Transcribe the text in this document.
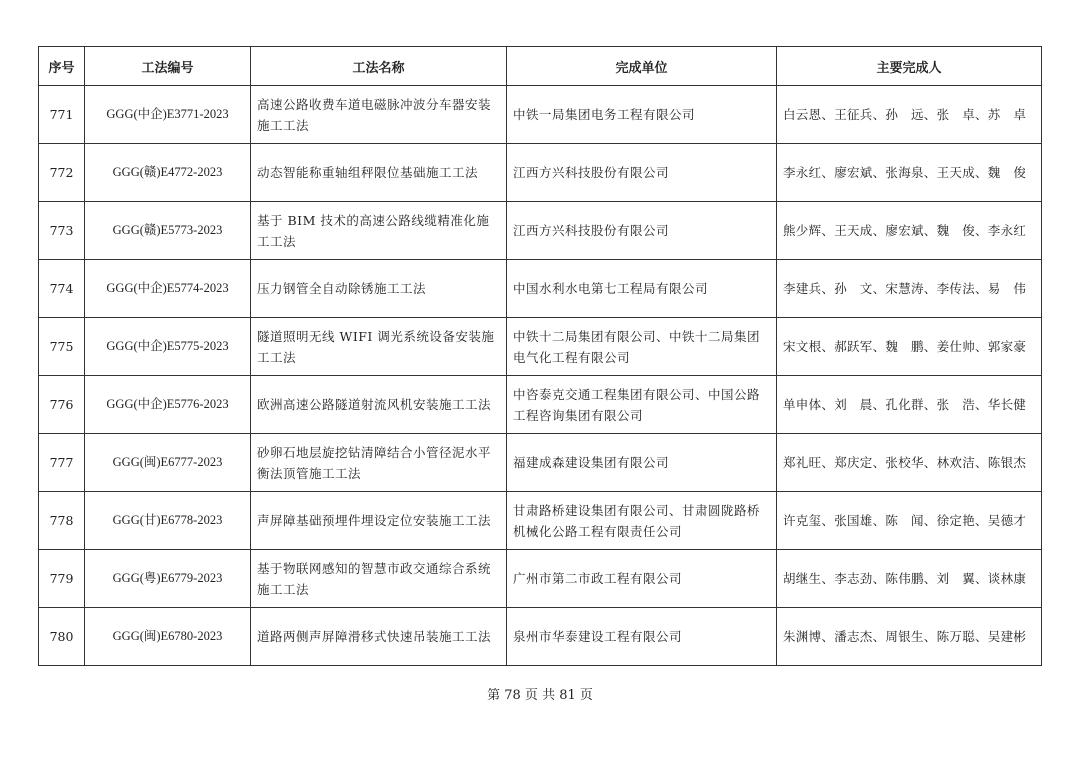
序号	工法编号	工法名称	完成单位	主要完成人
771	GGG(中企)E3771-2023	高速公路收费车道电磁脉冲波分车器安装施工工法	中铁一局集团电务工程有限公司	白云恩、王征兵、孙　远、张　卓、苏　卓
772	GGG(赣)E4772-2023	动态智能称重轴组秤限位基础施工工法	江西方兴科技股份有限公司	李永红、廖宏斌、张海泉、王天成、魏　俊
773	GGG(赣)E5773-2023	基于 BIM 技术的高速公路线缆精准化施工工法	江西方兴科技股份有限公司	熊少辉、王天成、廖宏斌、魏　俊、李永红
774	GGG(中企)E5774-2023	压力钢管全自动除锈施工工法	中国水利水电第七工程局有限公司	李建兵、孙　文、宋慧涛、李传法、易　伟
775	GGG(中企)E5775-2023	隧道照明无线 WIFI 调光系统设备安装施工工法	中铁十二局集团有限公司、中铁十二局集团电气化工程有限公司	宋文根、郝跃军、魏　鹏、姜仕帅、郭家豪
776	GGG(中企)E5776-2023	欧洲高速公路隧道射流风机安装施工工法	中咨泰克交通工程集团有限公司、中国公路工程咨询集团有限公司	单申体、刘　晨、孔化群、张　浩、华长健
777	GGG(闽)E6777-2023	砂卵石地层旋挖钻清障结合小管径泥水平衡法顶管施工工法	福建成森建设集团有限公司	郑礼旺、郑庆定、张校华、林欢洁、陈银杰
778	GGG(甘)E6778-2023	声屏障基础预埋件埋设定位安装施工工法	甘肃路桥建设集团有限公司、甘肃圆陇路桥机械化公路工程有限责任公司	许克玺、张国雄、陈　闻、徐定艳、吴德才
779	GGG(粤)E6779-2023	基于物联网感知的智慧市政交通综合系统施工工法	广州市第二市政工程有限公司	胡继生、李志劲、陈伟鹏、刘　翼、谈林康
780	GGG(闽)E6780-2023	道路两侧声屏障滑移式快速吊装施工工法	泉州市华泰建设工程有限公司	朱渊博、潘志杰、周银生、陈万聪、吴建彬
第 78 页 共 81 页
